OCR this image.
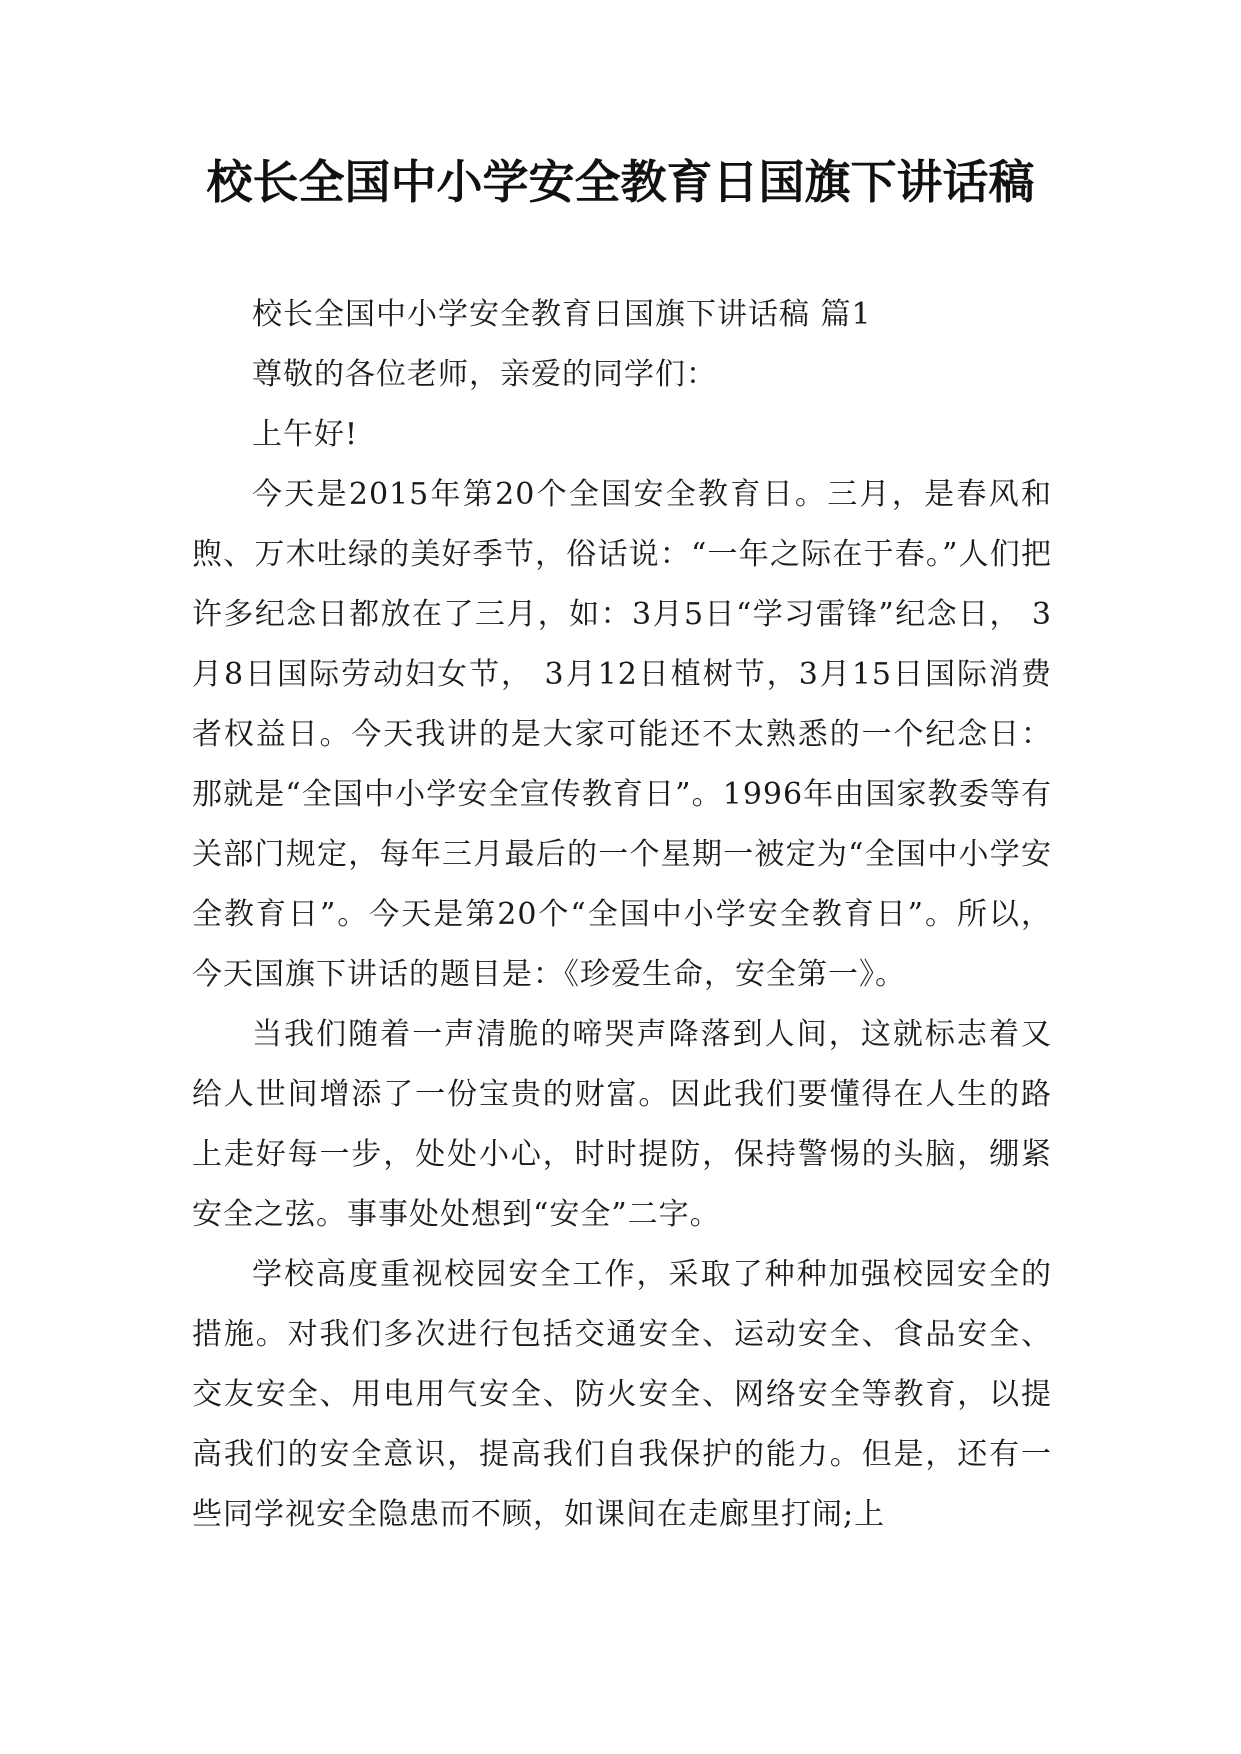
校长全国中小学安全教育日国旗下讲话稿

校长全国中小学安全教育日国旗下讲话稿 篇1

尊敬的各位老师，亲爱的同学们：

上午好!

今天是2015年第20个全国安全教育日。三月，是春风和煦、万木吐绿的美好季节，俗话说：“一年之际在于春。”人们把许多纪念日都放在了三月，如：3月5日“学习雷锋”纪念日， 3月8日国际劳动妇女节， 3月12日植树节，3月15日国际消费者权益日。今天我讲的是大家可能还不太熟悉的一个纪念日：那就是“全国中小学安全宣传教育日”。1996年由国家教委等有关部门规定，每年三月最后的一个星期一被定为“全国中小学安全教育日”。今天是第20个“全国中小学安全教育日”。所以，今天国旗下讲话的题目是：《珍爱生命，安全第一》。

当我们随着一声清脆的啼哭声降落到人间，这就标志着又给人世间增添了一份宝贵的财富。因此我们要懂得在人生的路上走好每一步，处处小心，时时提防，保持警惕的头脑，绷紧安全之弦。事事处处想到“安全”二字。

学校高度重视校园安全工作，采取了种种加强校园安全的措施。对我们多次进行包括交通安全、运动安全、食品安全、交友安全、用电用气安全、防火安全、网络安全等教育，以提高我们的安全意识，提高我们自我保护的能力。但是，还有一些同学视安全隐患而不顾，如课间在走廊里打闹;上
